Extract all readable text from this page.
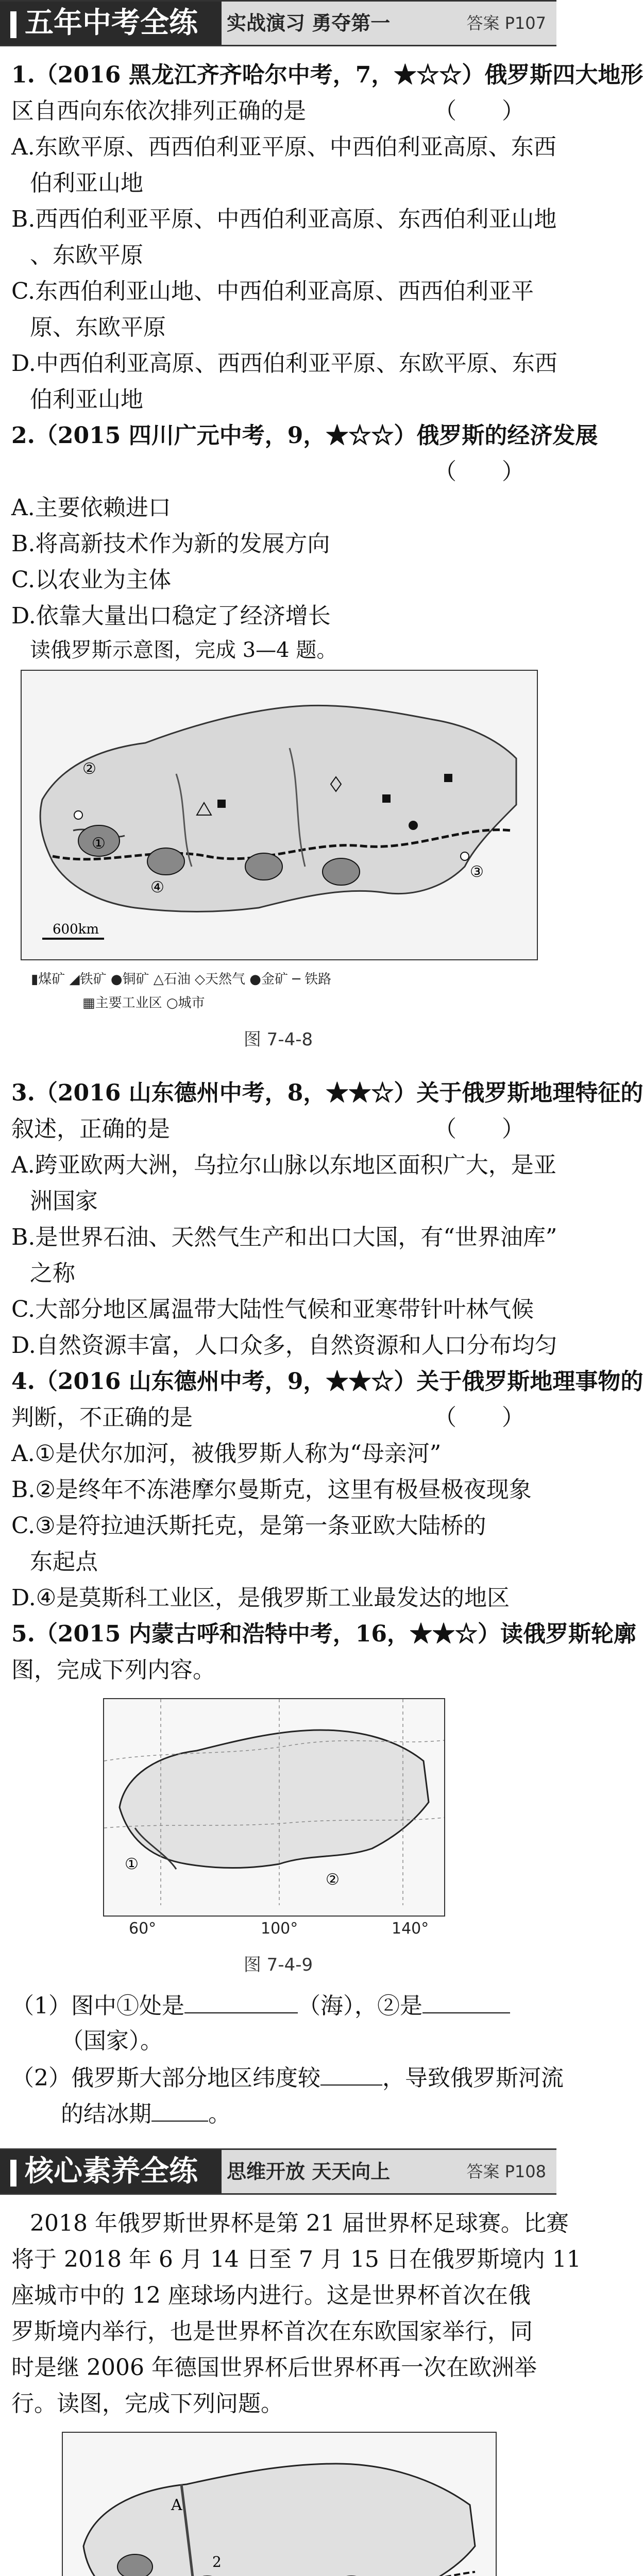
五年中考全练	实战演习 勇夺第一	答案 P107
1.（2016 黑龙江齐齐哈尔中考，7，★☆☆）俄罗斯四大地形
区自西向东依次排列正确的是	（　　）
A.东欧平原、西西伯利亚平原、中西伯利亚高原、东西
伯利亚山地
B.西西伯利亚平原、中西伯利亚高原、东西伯利亚山地
、东欧平原
C.东西伯利亚山地、中西伯利亚高原、西西伯利亚平
原、东欧平原
D.中西伯利亚高原、西西伯利亚平原、东欧平原、东西
伯利亚山地
2.（2015 四川广元中考，9，★☆☆）俄罗斯的经济发展
（　　）
A.主要依赖进口
B.将高新技术作为新的发展方向
C.以农业为主体
D.依靠大量出口稳定了经济增长
读俄罗斯示意图，完成 3—4 题。
②
①
④
③
600km
▮煤矿 ◢铁矿 ●铜矿 △石油 ◇天然气 ●金矿 ─ 铁路
▦主要工业区 ○城市
图 7-4-8
3.（2016 山东德州中考，8，★★☆）关于俄罗斯地理特征的
叙述，正确的是	（　　）
A.跨亚欧两大洲，乌拉尔山脉以东地区面积广大，是亚
洲国家
B.是世界石油、天然气生产和出口大国，有“世界油库”
之称
C.大部分地区属温带大陆性气候和亚寒带针叶林气候
D.自然资源丰富，人口众多，自然资源和人口分布均匀
4.（2016 山东德州中考，9，★★☆）关于俄罗斯地理事物的
判断，不正确的是	（　　）
A.①是伏尔加河，被俄罗斯人称为“母亲河”
B.②是终年不冻港摩尔曼斯克，这里有极昼极夜现象
C.③是符拉迪沃斯托克，是第一条亚欧大陆桥的
东起点
D.④是莫斯科工业区，是俄罗斯工业最发达的地区
5.（2015 内蒙古呼和浩特中考，16，★★☆）读俄罗斯轮廓
图，完成下列内容。
①
②
60°	100°	140°
图 7-4-9
（1）图中①处是	（海），②是
（国家）。
（2）俄罗斯大部分地区纬度较	，导致俄罗斯河流
的结冰期	。
核心素养全练	思维开放 天天向上	答案 P108
2018 年俄罗斯世界杯是第 21 届世界杯足球赛。比赛
将于 2018 年 6 月 14 日至 7 月 15 日在俄罗斯境内 11
座城市中的 12 座球场内进行。这是世界杯首次在俄
罗斯境内举行，也是世界杯首次在东欧国家举行，同
时是继 2006 年德国世界杯后世界杯再一次在欧洲举
行。读图，完成下列问题。
A
2
